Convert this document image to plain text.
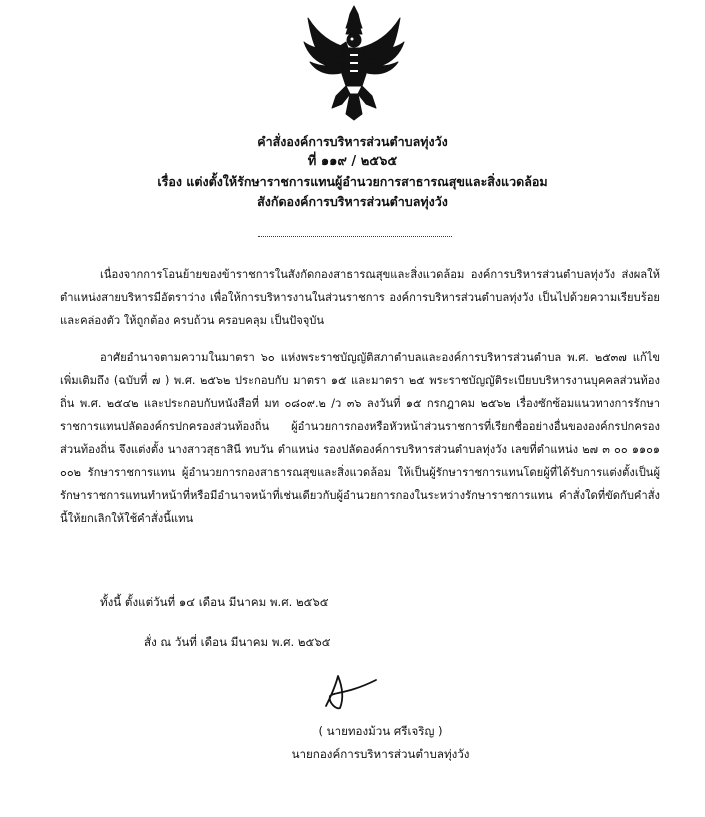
คำสั่งองค์การบริหารส่วนตำบลทุ่งวัง
ที่ ๑๑๙ / ๒๕๖๕
เรื่อง แต่งตั้งให้รักษาราชการแทนผู้อำนวยการสาธารณสุขและสิ่งแวดล้อม
สังกัดองค์การบริหารส่วนตำบลทุ่งวัง
เนื่องจากการโอนย้ายของข้าราชการในสังกัดกองสาธารณสุขและสิ่งแวดล้อม องค์การบริหารส่วนตำบลทุ่งวัง ส่งผลให้ตำแหน่งสายบริหารมีอัตราว่าง เพื่อให้การบริหารงานในส่วนราชการ องค์การบริหารส่วนตำบลทุ่งวัง เป็นไปด้วยความเรียบร้อยและคล่องตัว ให้ถูกต้อง ครบถ้วน ครอบคลุม เป็นปัจจุบัน
อาศัยอำนาจตามความในมาตรา ๖๐ แห่งพระราชบัญญัติสภาตำบลและองค์การบริหารส่วนตำบล พ.ศ. ๒๕๓๗ แก้ไขเพิ่มเติมถึง (ฉบับที่ ๗ ) พ.ศ. ๒๕๖๒ ประกอบกับ มาตรา ๑๕ และมาตรา ๒๕ พระราชบัญญัติระเบียบบริหารงานบุคคลส่วนท้องถิ่น พ.ศ. ๒๕๔๒ และประกอบกับหนังสือที่ มท ๐๘๐๙.๒ /ว ๓๖ ลงวันที่ ๑๕ กรกฎาคม ๒๕๖๒ เรื่องซักซ้อมแนวทางการรักษาราชการแทนปลัดองค์กรปกครองส่วนท้องถิ่น ผู้อำนวยการกองหรือหัวหน้าส่วนราชการที่เรียกชื่ออย่างอื่นขององค์กรปกครองส่วนท้องถิ่น จึงแต่งตั้ง นางสาวสุธาสินี ทบวัน ตำแหน่ง รองปลัดองค์การบริหารส่วนตำบลทุ่งวัง เลขที่ตำแหน่ง ๒๗ ๓ ๐๐ ๑๑๐๑ ๐๐๒ รักษาราชการแทน ผู้อำนวยการกองสาธารณสุขและสิ่งแวดล้อม ให้เป็นผู้รักษาราชการแทนโดยผู้ที่ได้รับการแต่งตั้งเป็นผู้รักษาราชการแทนทำหน้าที่หรือมีอำนาจหน้าที่เช่นเดียวกับผู้อำนวยการกองในระหว่างรักษาราชการแทน คำสั่งใดที่ขัดกับคำสั่งนี้ให้ยกเลิกให้ใช้คำสั่งนี้แทน
ทั้งนี้ ตั้งแต่วันที่ ๑๔ เดือน มีนาคม พ.ศ. ๒๕๖๕
สั่ง ณ วันที่ เดือน มีนาคม พ.ศ. ๒๕๖๕
( นายทองม้วน ศรีเจริญ )
นายกองค์การบริหารส่วนตำบลทุ่งวัง
